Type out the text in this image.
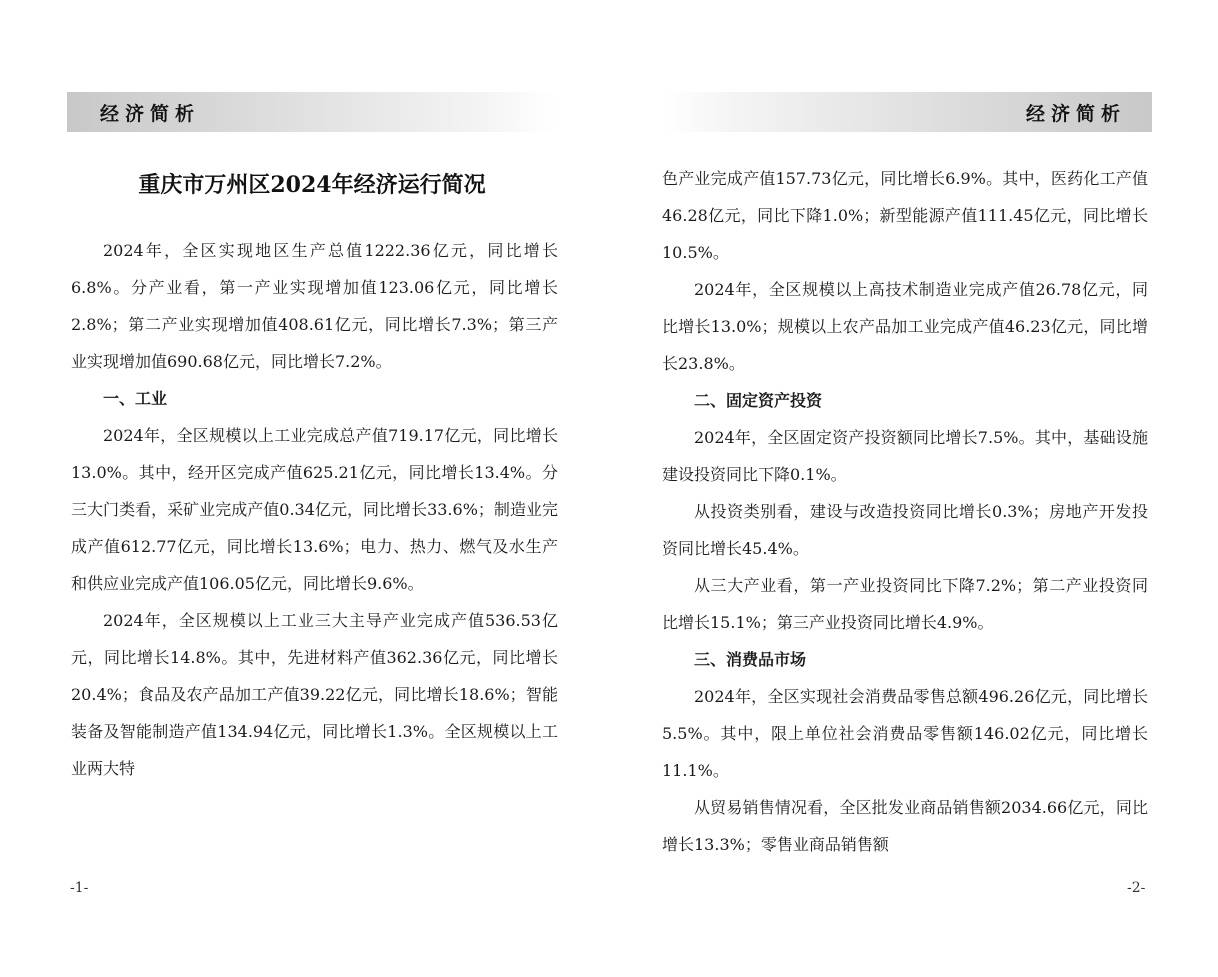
经济简析
重庆市万州区2024年经济运行简况

2024年，全区实现地区生产总值1222.36亿元，同比增长6.8%。分产业看，第一产业实现增加值123.06亿元，同比增长2.8%；第二产业实现增加值408.61亿元，同比增长7.3%；第三产业实现增加值690.68亿元，同比增长7.2%。

一、工业

2024年，全区规模以上工业完成总产值719.17亿元，同比增长13.0%。其中，经开区完成产值625.21亿元，同比增长13.4%。分三大门类看，采矿业完成产值0.34亿元，同比增长33.6%；制造业完成产值612.77亿元，同比增长13.6%；电力、热力、燃气及水生产和供应业完成产值106.05亿元，同比增长9.6%。

2024年，全区规模以上工业三大主导产业完成产值536.53亿元，同比增长14.8%。其中，先进材料产值362.36亿元，同比增长20.4%；食品及农产品加工产值39.22亿元，同比增长18.6%；智能装备及智能制造产值134.94亿元，同比增长1.3%。全区规模以上工业两大特

-1-
经济简析

色产业完成产值157.73亿元，同比增长6.9%。其中，医药化工产值46.28亿元，同比下降1.0%；新型能源产值111.45亿元，同比增长10.5%。

2024年，全区规模以上高技术制造业完成产值26.78亿元，同比增长13.0%；规模以上农产品加工业完成产值46.23亿元，同比增长23.8%。

二、固定资产投资

2024年，全区固定资产投资额同比增长7.5%。其中，基础设施建设投资同比下降0.1%。

从投资类别看，建设与改造投资同比增长0.3%；房地产开发投资同比增长45.4%。

从三大产业看，第一产业投资同比下降7.2%；第二产业投资同比增长15.1%；第三产业投资同比增长4.9%。

三、消费品市场

2024年，全区实现社会消费品零售总额496.26亿元，同比增长5.5%。其中，限上单位社会消费品零售额146.02亿元，同比增长11.1%。

从贸易销售情况看，全区批发业商品销售额2034.66亿元，同比增长13.3%；零售业商品销售额

-2-
